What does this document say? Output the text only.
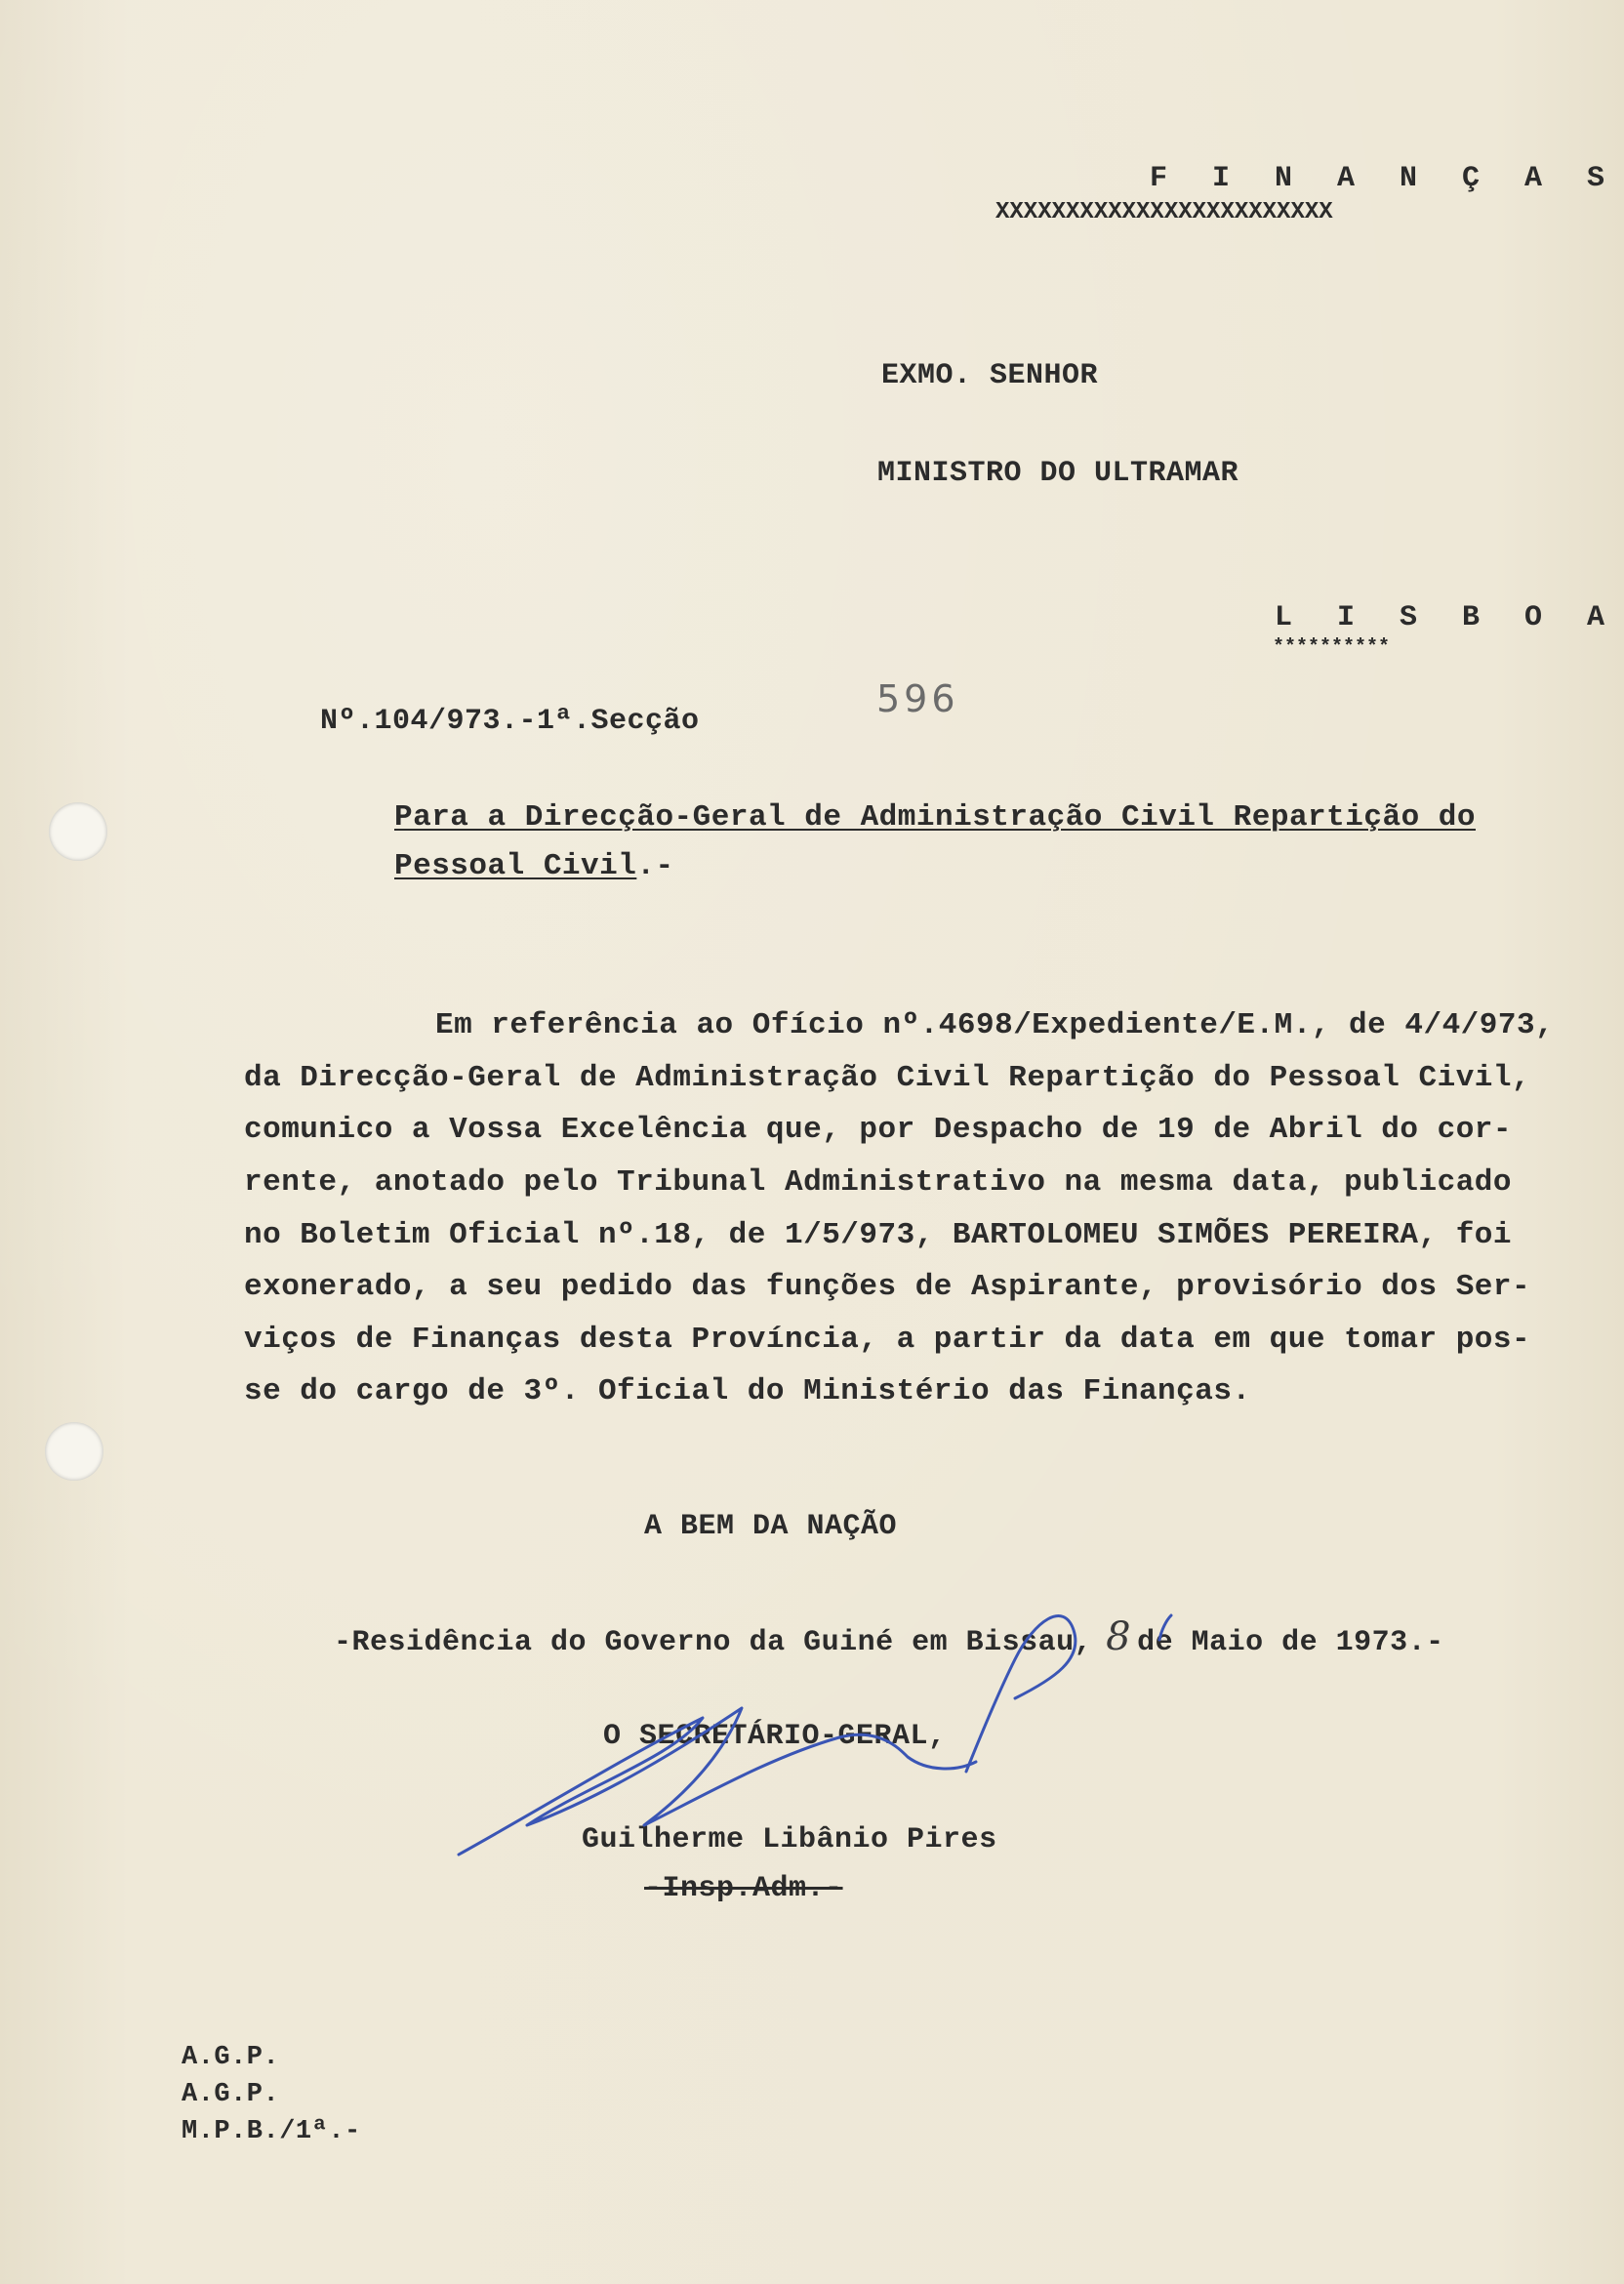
F I N A N Ç A S
XXXXXXXXXXXXXXXXXXXXXXXX
EXMO. SENHOR
MINISTRO DO ULTRAMAR
L I S B O A
**********
Nº.104/973.-1ª.Secção
596
Para a Direcção-Geral de Administração Civil Repartição do
Pessoal Civil.-
Em referência ao Ofício nº.4698/Expediente/E.M., de 4/4/973,
da Direcção-Geral de Administração Civil Repartição do Pessoal Civil,
comunico a Vossa Excelência que, por Despacho de 19 de Abril do cor-
rente, anotado pelo Tribunal Administrativo na mesma data, publicado
no Boletim Oficial nº.18, de 1/5/973, BARTOLOMEU SIMÕES PEREIRA, foi
exonerado, a seu pedido das funções de Aspirante, provisório dos Ser-
viços de Finanças desta Província, a partir da data em que tomar pos-
se do cargo de 3º. Oficial do Ministério das Finanças.
A BEM DA NAÇÃO
-Residência do Governo da Guiné em Bissau, 8 de Maio de 1973.-
O SECRETÁRIO-GERAL,
Guilherme Libânio Pires
-Insp.Adm.-
A.G.P.
A.G.P.
M.P.B./1ª.-
